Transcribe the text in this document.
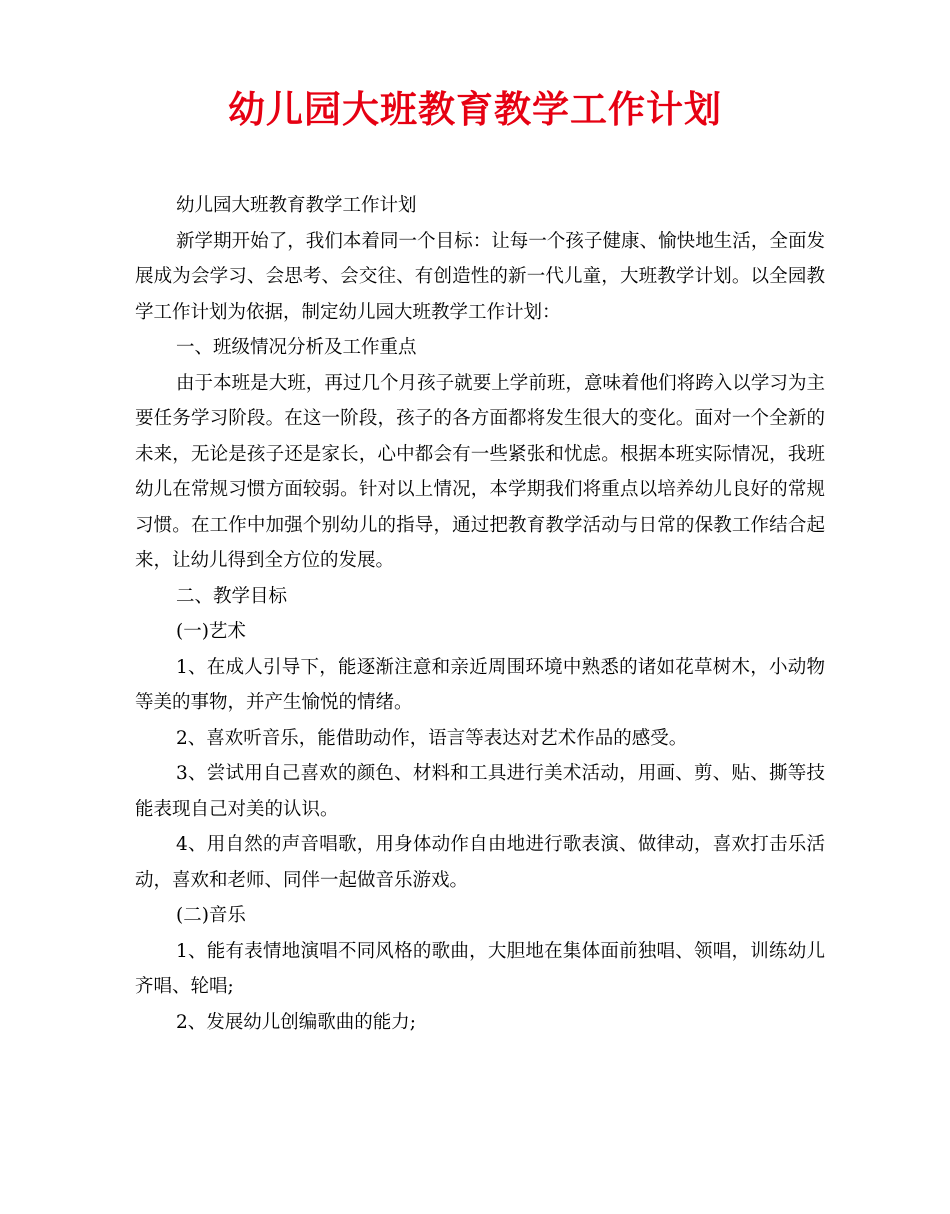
幼儿园大班教育教学工作计划

幼儿园大班教育教学工作计划

新学期开始了，我们本着同一个目标：让每一个孩子健康、愉快地生活，全面发展成为会学习、会思考、会交往、有创造性的新一代儿童，大班教学计划。以全园教学工作计划为依据，制定幼儿园大班教学工作计划：

一、班级情况分析及工作重点

由于本班是大班，再过几个月孩子就要上学前班，意味着他们将跨入以学习为主要任务学习阶段。在这一阶段，孩子的各方面都将发生很大的变化。面对一个全新的未来，无论是孩子还是家长，心中都会有一些紧张和忧虑。根据本班实际情况，我班幼儿在常规习惯方面较弱。针对以上情况，本学期我们将重点以培养幼儿良好的常规习惯。在工作中加强个别幼儿的指导，通过把教育教学活动与日常的保教工作结合起来，让幼儿得到全方位的发展。

二、教学目标

(一)艺术

1、在成人引导下，能逐渐注意和亲近周围环境中熟悉的诸如花草树木，小动物等美的事物，并产生愉悦的情绪。

2、喜欢听音乐，能借助动作，语言等表达对艺术作品的感受。

3、尝试用自己喜欢的颜色、材料和工具进行美术活动，用画、剪、贴、撕等技能表现自己对美的认识。

4、用自然的声音唱歌，用身体动作自由地进行歌表演、做律动，喜欢打击乐活动，喜欢和老师、同伴一起做音乐游戏。

(二)音乐

1、能有表情地演唱不同风格的歌曲，大胆地在集体面前独唱、领唱，训练幼儿齐唱、轮唱;

2、发展幼儿创编歌曲的能力;
